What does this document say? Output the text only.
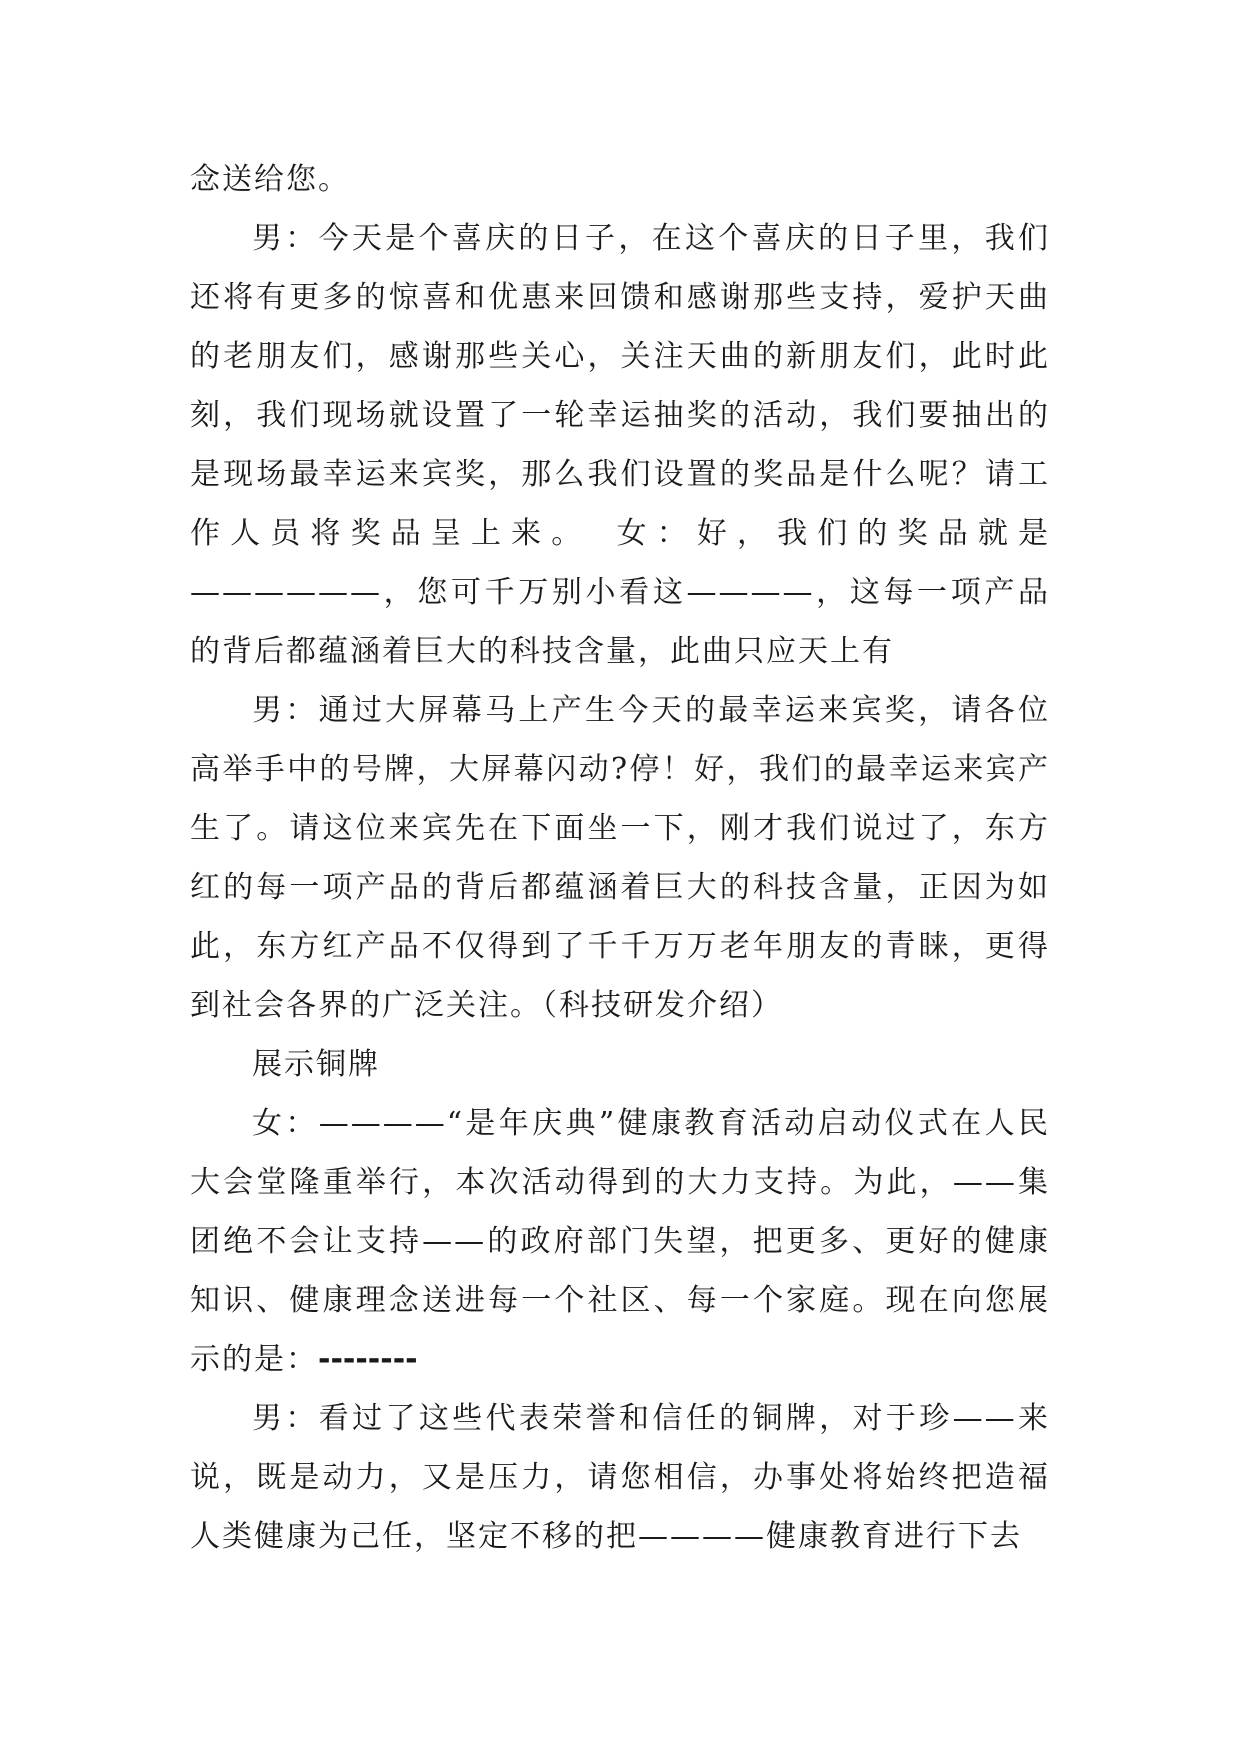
念送给您。

男：今天是个喜庆的日子，在这个喜庆的日子里，我们还将有更多的惊喜和优惠来回馈和感谢那些支持，爱护天曲的老朋友们，感谢那些关心，关注天曲的新朋友们，此时此刻，我们现场就设置了一轮幸运抽奖的活动，我们要抽出的是现场最幸运来宾奖，那么我们设置的奖品是什么呢？请工作人员将奖品呈上来。　女：好，我们的奖品就是——————，您可千万别小看这————，这每一项产品的背后都蕴涵着巨大的科技含量，此曲只应天上有

男：通过大屏幕马上产生今天的最幸运来宾奖，请各位高举手中的号牌，大屏幕闪动?停！好，我们的最幸运来宾产生了。请这位来宾先在下面坐一下，刚才我们说过了，东方红的每一项产品的背后都蕴涵着巨大的科技含量，正因为如此，东方红产品不仅得到了千千万万老年朋友的青睐，更得到社会各界的广泛关注。（科技研发介绍）

展示铜牌

女：————“是年庆典”健康教育活动启动仪式在人民大会堂隆重举行，本次活动得到的大力支持。为此，——集团绝不会让支持——的政府部门失望，把更多、更好的健康知识、健康理念送进每一个社区、每一个家庭。现在向您展示的是：--------

男：看过了这些代表荣誉和信任的铜牌，对于珍——来说，既是动力，又是压力，请您相信，办事处将始终把造福人类健康为己任，坚定不移的把————健康教育进行下去
